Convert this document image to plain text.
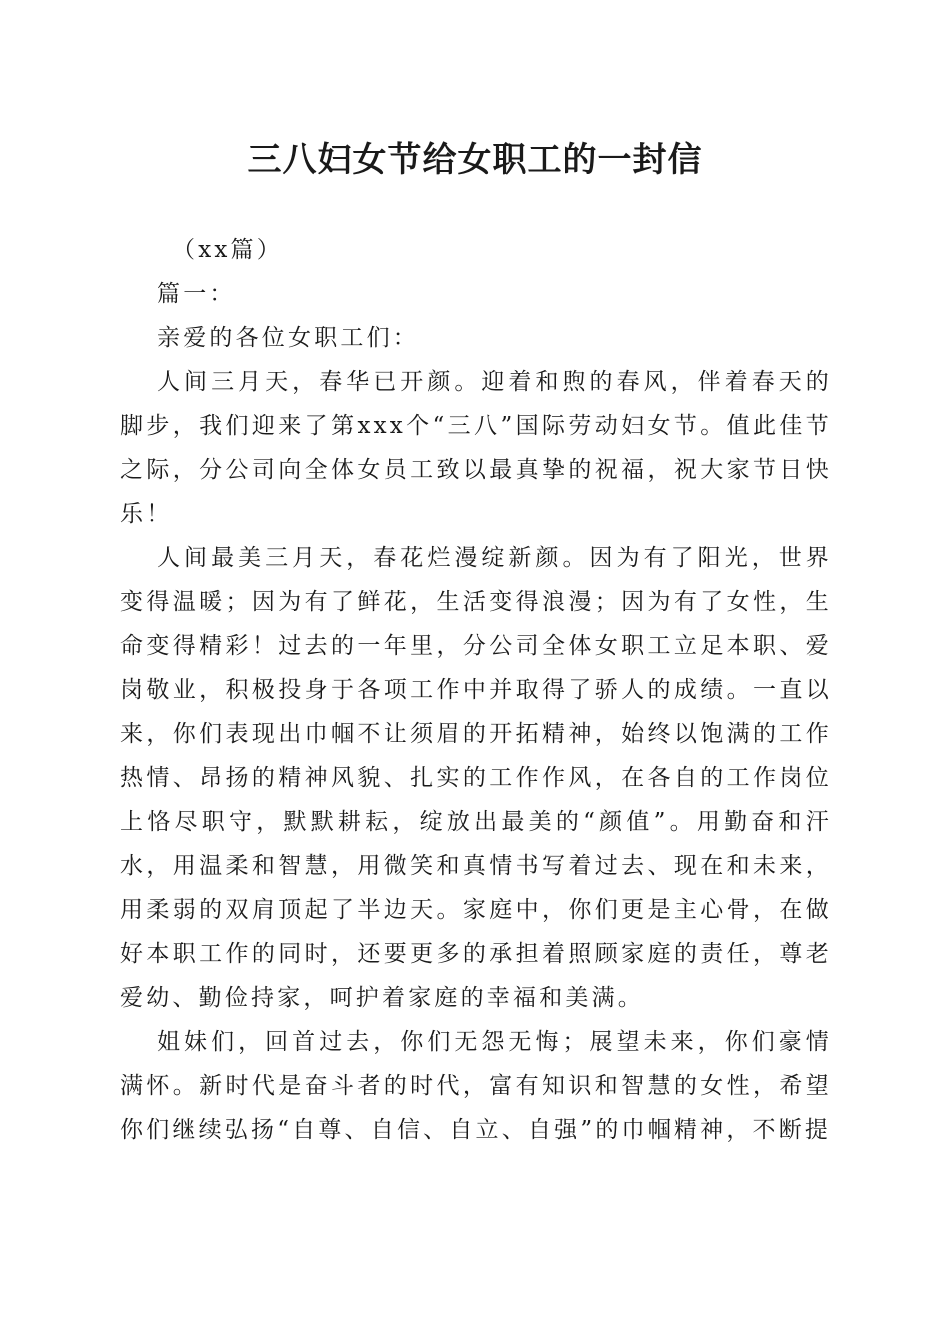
三八妇女节给女职工的一封信

（xx篇）

篇一：

亲爱的各位女职工们：

人间三月天，春华已开颜。迎着和煦的春风，伴着春天的脚步，我们迎来了第xxx个“三八”国际劳动妇女节。值此佳节之际，分公司向全体女员工致以最真挚的祝福，祝大家节日快乐！

人间最美三月天，春花烂漫绽新颜。因为有了阳光，世界变得温暖；因为有了鲜花，生活变得浪漫；因为有了女性，生命变得精彩！过去的一年里，分公司全体女职工立足本职、爱岗敬业，积极投身于各项工作中并取得了骄人的成绩。一直以来，你们表现出巾帼不让须眉的开拓精神，始终以饱满的工作热情、昂扬的精神风貌、扎实的工作作风，在各自的工作岗位上恪尽职守，默默耕耘，绽放出最美的“颜值”。用勤奋和汗水，用温柔和智慧，用微笑和真情书写着过去、现在和未来，用柔弱的双肩顶起了半边天。家庭中，你们更是主心骨，在做好本职工作的同时，还要更多的承担着照顾家庭的责任，尊老爱幼、勤俭持家，呵护着家庭的幸福和美满。

姐妹们，回首过去，你们无怨无悔；展望未来，你们豪情满怀。新时代是奋斗者的时代，富有知识和智慧的女性，希望你们继续弘扬“自尊、自信、自立、自强”的巾帼精神，不断提
